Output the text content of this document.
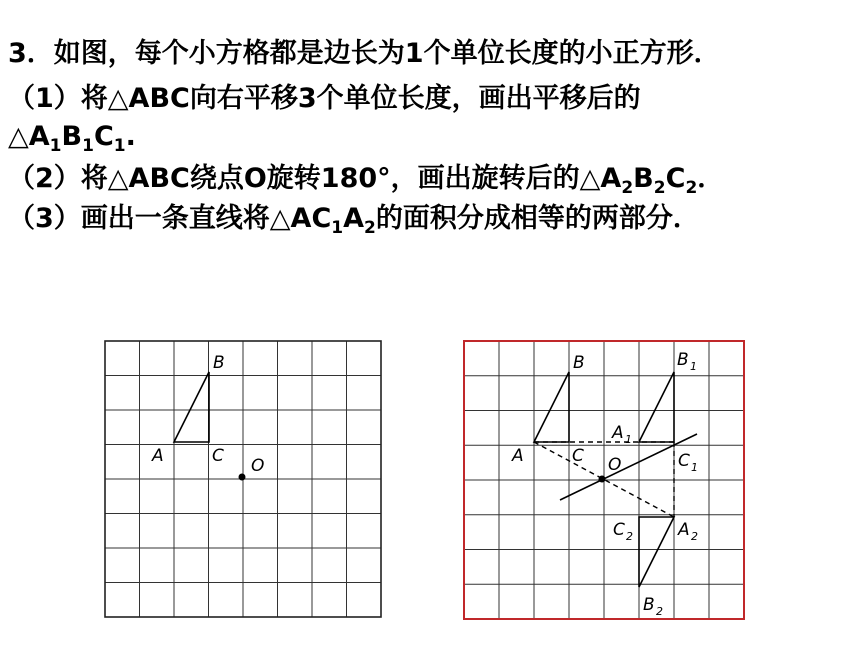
3．如图，每个小方格都是边长为1个单位长度的小正方形．
（1）将△ABC向右平移3个单位长度，画出平移后的
$\triangle A_1B_1C_1$.
（2）将△ABC绕点O旋转180°，画出旋转后的$\triangle A_2B_2C_2$．
（3）画出一条直线将$\triangle AC_1A_2$的面积分成相等的两部分．
A
B
C O	A
B
C O
B 1
A 1
C 1
C 2	A 2
B 2
